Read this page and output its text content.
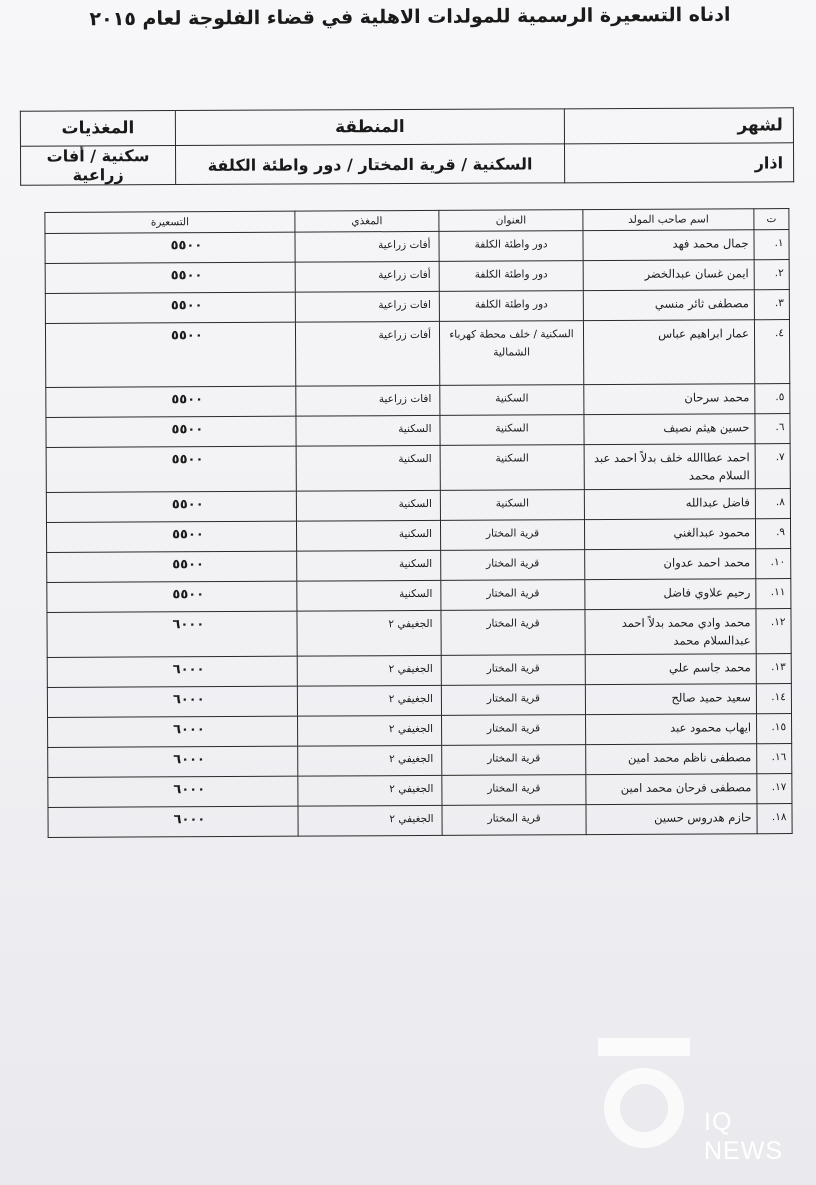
ادناه التسعيرة الرسمية للمولدات الاهلية في قضاء الفلوجة لعام ٢٠١٥
لشهر	المنطقة	المغذيات
اذار	السكنية / قرية المختار / دور واطئة الكلفة	سكنية / أفات زراعية
ت	اسم صاحب المولد	العنوان	المغذي	التسعيرة
١.	جمال محمد فهد	دور واطئة الكلفة	أفات زراعية	٥٥٠٠
٢.	ايمن غسان عبدالخضر	دور واطئة الكلفة	أفات زراعية	٥٥٠٠
٣.	مصطفى ثائر منسي	دور واطئة الكلفة	افات زراعية	٥٥٠٠
٤.	عمار ابراهيم عباس	السكنية / خلف محطة كهرباء الشمالية	أفات زراعية	٥٥٠٠
٥.	محمد سرحان	السكنية	افات زراعية	٥٥٠٠
٦.	حسين هيثم نصيف	السكنية	السكنية	٥٥٠٠
٧.	احمد عطاالله خلف بدلاً احمد عبد السلام محمد	السكنية	السكنية	٥٥٠٠
٨.	فاضل عبدالله	السكنية	السكنية	٥٥٠٠
٩.	محمود عبدالغني	قرية المختار	السكنية	٥٥٠٠
١٠.	محمد احمد عدوان	قرية المختار	السكنية	٥٥٠٠
١١.	رحيم علاوي فاضل	قرية المختار	السكنية	٥٥٠٠
١٢.	محمد وادي محمد بدلاً احمد عبدالسلام محمد	قرية المختار	الجغيفي ٢	٦٠٠٠
١٣.	محمد جاسم علي	قرية المختار	الجغيفي ٢	٦٠٠٠
١٤.	سعيد حميد صالح	قرية المختار	الجغيفي ٢	٦٠٠٠
١٥.	ايهاب محمود عبد	قرية المختار	الجغيفي ٢	٦٠٠٠
١٦.	مصطفى ناظم محمد امين	قرية المختار	الجغيفي ٢	٦٠٠٠
١٧.	مصطفى فرحان محمد امين	قرية المختار	الجغيفي ٢	٦٠٠٠
١٨.	حازم هدروس حسين	قرية المختار	الجغيفي ٢	٦٠٠٠
IQ NEWS
